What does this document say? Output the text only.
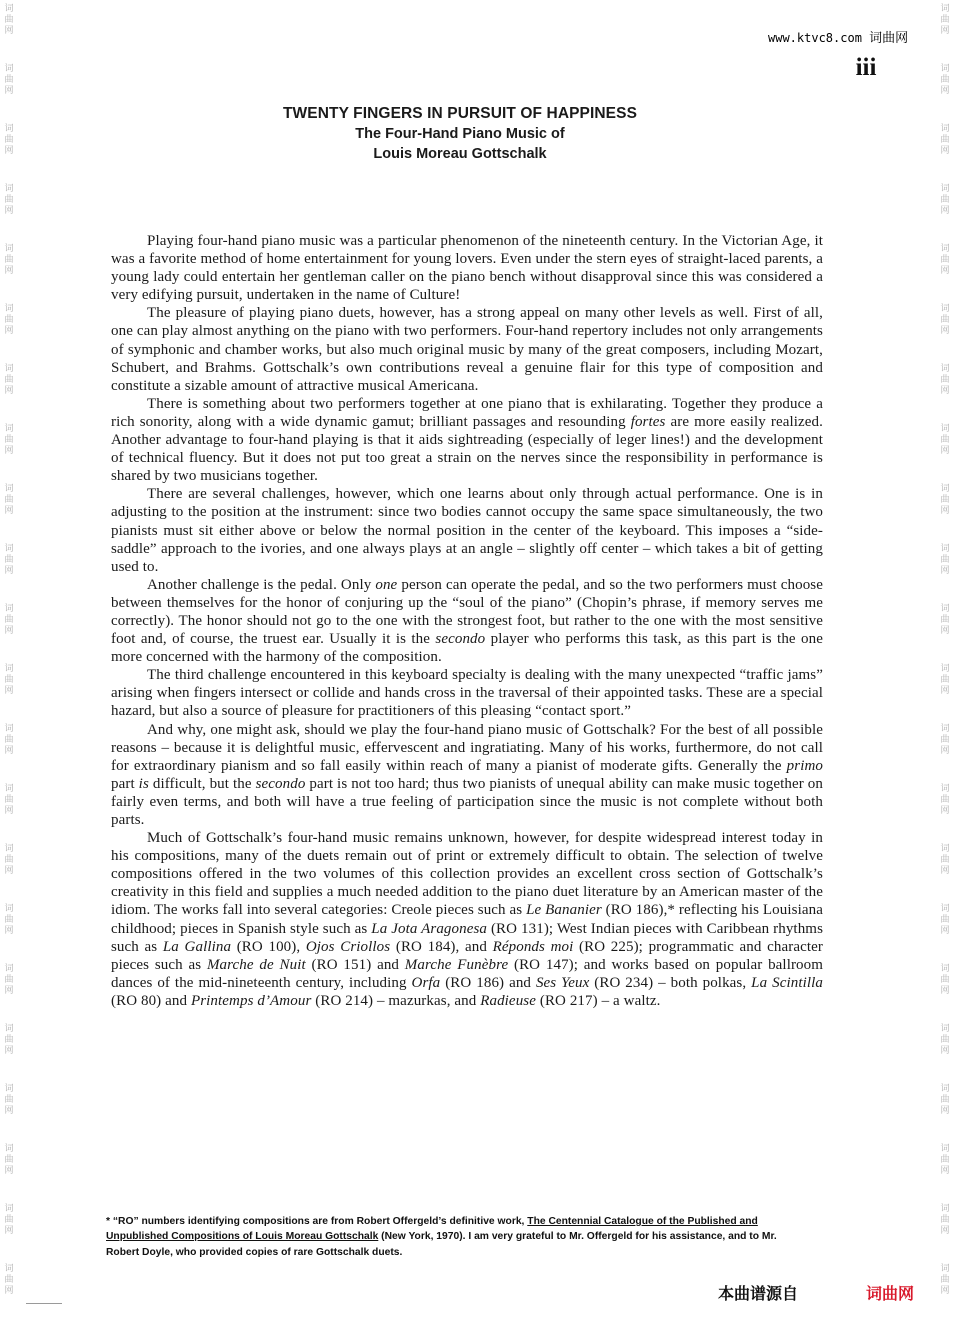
词
曲
网
词
曲
网
词
曲
网
词
曲
网
词
曲
网
词
曲
网
词
曲
网
词
曲
网
词
曲
网
词
曲
网
词
曲
网
词
曲
网
词
曲
网
词
曲
网
词
曲
网
词
曲
网
词
曲
网
词
曲
网
词
曲
网
词
曲
网
词
曲
网
词
曲
网
词
曲
网
词
曲
网
词
曲
网
词
曲
网
词
曲
网
词
曲
网
词
曲
网
词
曲
网
词
曲
网
词
曲
网
词
曲
网
词
曲
网
词
曲
网
词
曲
网
词
曲
网
词
曲
网
词
曲
网
词
曲
网
词
曲
网
词
曲
网
词
曲
网
词
曲
网
www.ktvc8.com 词曲网
iii
TWENTY FINGERS IN PURSUIT OF HAPPINESS
The Four-Hand Piano Music of
Louis Moreau Gottschalk

Playing four-hand piano music was a particular phenomenon of the nineteenth century. In the Victorian Age, it was a favorite method of home entertainment for young lovers. Even under the stern eyes of straight-laced parents, a young lady could entertain her gentleman caller on the piano bench without disapproval since this was considered a very edifying pursuit, undertaken in the name of Culture!

The pleasure of playing piano duets, however, has a strong appeal on many other levels as well. First of all, one can play almost anything on the piano with two performers. Four-hand repertory includes not only arrangements of symphonic and chamber works, but also much original music by many of the great composers, including Mozart, Schubert, and Brahms. Gottschalk’s own contributions reveal a genuine flair for this type of composition and constitute a sizable amount of attractive musical Americana.

There is something about two performers together at one piano that is exhilarating. Together they produce a rich sonority, along with a wide dynamic gamut; brilliant passages and resounding fortes are more easily realized. Another advantage to four-hand playing is that it aids sightreading (especially of leger lines!) and the development of technical fluency. But it does not put too great a strain on the nerves since the responsibility in performance is shared by two musicians together.

There are several challenges, however, which one learns about only through actual performance. One is in adjusting to the position at the instrument: since two bodies cannot occupy the same space simultaneously, the two pianists must sit either above or below the normal position in the center of the keyboard. This imposes a “side-saddle” approach to the ivories, and one always plays at an angle – slightly off center – which takes a bit of getting used to.

Another challenge is the pedal. Only one person can operate the pedal, and so the two performers must choose between themselves for the honor of conjuring up the “soul of the piano” (Chopin’s phrase, if memory serves me correctly). The honor should not go to the one with the strongest foot, but rather to the one with the most sensitive foot and, of course, the truest ear. Usually it is the secondo player who performs this task, as this part is the one more concerned with the harmony of the composition.

The third challenge encountered in this keyboard specialty is dealing with the many unexpected “traffic jams” arising when fingers intersect or collide and hands cross in the traversal of their appointed tasks. These are a special hazard, but also a source of pleasure for practitioners of this pleasing “contact sport.”

And why, one might ask, should we play the four-hand piano music of Gottschalk? For the best of all possible reasons – because it is delightful music, effervescent and ingratiating. Many of his works, furthermore, do not call for extraordinary pianism and so fall easily within reach of many a pianist of moderate gifts. Generally the primo part is difficult, but the secondo part is not too hard; thus two pianists of unequal ability can make music together on fairly even terms, and both will have a true feeling of participation since the music is not complete without both parts.

Much of Gottschalk’s four-hand music remains unknown, however, for despite widespread interest today in his compositions, many of the duets remain out of print or extremely difficult to obtain. The selection of twelve compositions offered in the two volumes of this collection provides an excellent cross section of Gottschalk’s creativity in this field and supplies a much needed addition to the piano duet literature by an American master of the idiom. The works fall into several categories: Creole pieces such as Le Bananier (RO 186),* reflecting his Louisiana childhood; pieces in Spanish style such as La Jota Aragonesa (RO 131); West Indian pieces with Caribbean rhythms such as La Gallina (RO 100), Ojos Criollos (RO 184), and Réponds moi (RO 225); programmatic and character pieces such as Marche de Nuit (RO 151) and Marche Funèbre (RO 147); and works based on popular ballroom dances of the mid-nineteenth century, including Orfa (RO 186) and Ses Yeux (RO 234) – both polkas, La Scintilla (RO 80) and Printemps d’Amour (RO 214) – mazurkas, and Radieuse (RO 217) – a waltz.

* “RO” numbers identifying compositions are from Robert Offergeld’s definitive work, The Centennial Catalogue of the Published and Unpublished Compositions of Louis Moreau Gottschalk (New York, 1970). I am very grateful to Mr. Offergeld for his assistance, and to Mr. Robert Doyle, who provided copies of rare Gottschalk duets.
本曲谱源自	词曲网
